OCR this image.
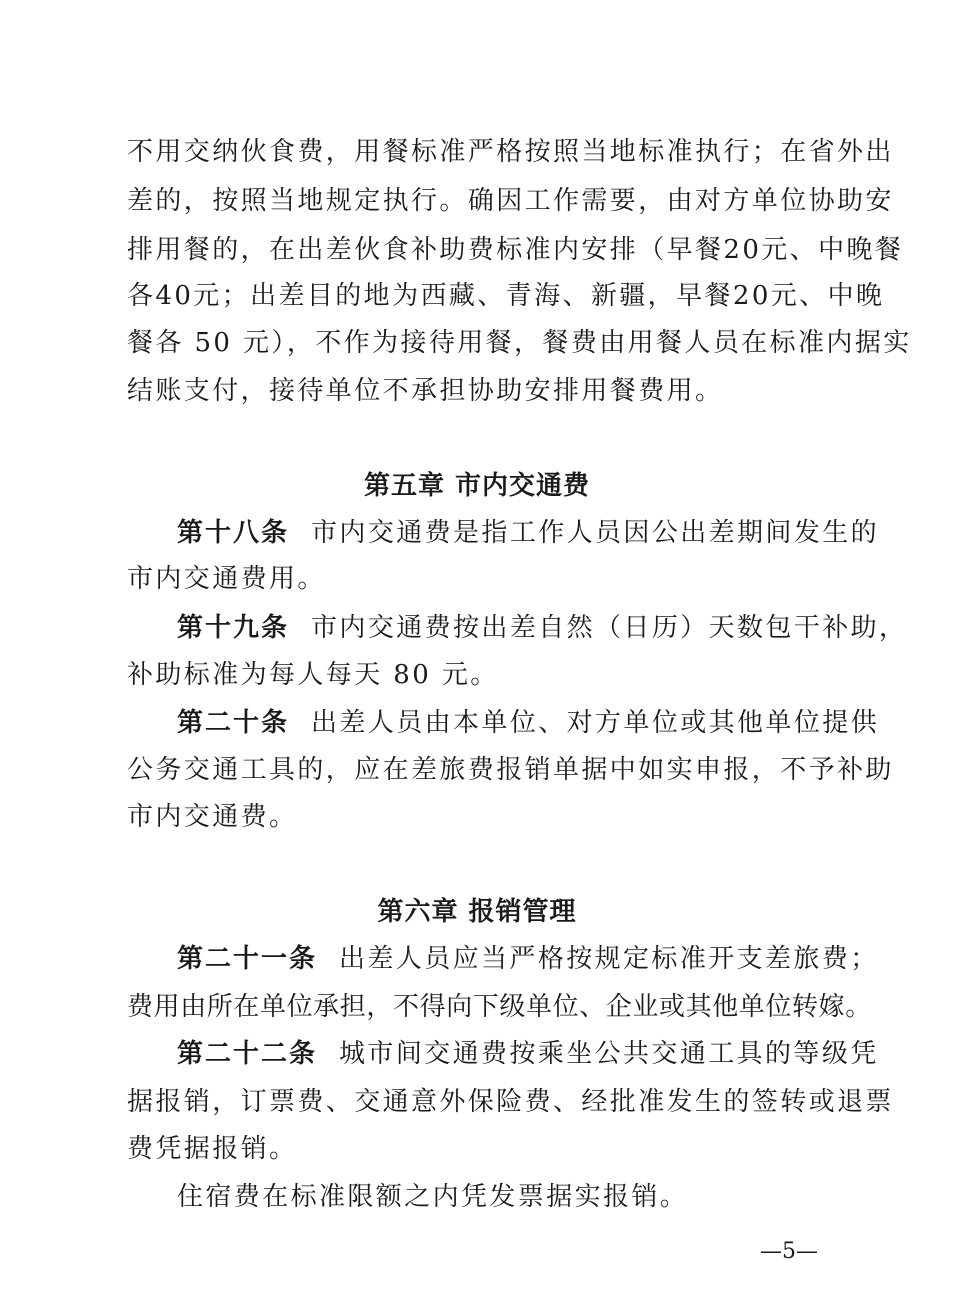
不用交纳伙食费，用餐标准严格按照当地标准执行；在省外出
差的，按照当地规定执行。确因工作需要，由对方单位协助安
排用餐的，在出差伙食补助费标准内安排（早餐20元、中晚餐
各40元；出差目的地为西藏、青海、新疆，早餐20元、中晚
餐各 50 元），不作为接待用餐，餐费由用餐人员在标准内据实
结账支付，接待单位不承担协助安排用餐费用。
第五章 市内交通费
第十八条 市内交通费是指工作人员因公出差期间发生的
市内交通费用。
第十九条 市内交通费按出差自然（日历）天数包干补助，
补助标准为每人每天 80 元。
第二十条 出差人员由本单位、对方单位或其他单位提供
公务交通工具的，应在差旅费报销单据中如实申报，不予补助
市内交通费。
第六章 报销管理
第二十一条 出差人员应当严格按规定标准开支差旅费；
费用由所在单位承担，不得向下级单位、企业或其他单位转嫁。
第二十二条 城市间交通费按乘坐公共交通工具的等级凭
据报销，订票费、交通意外保险费、经批准发生的签转或退票
费凭据报销。
住宿费在标准限额之内凭发票据实报销。
—5—
